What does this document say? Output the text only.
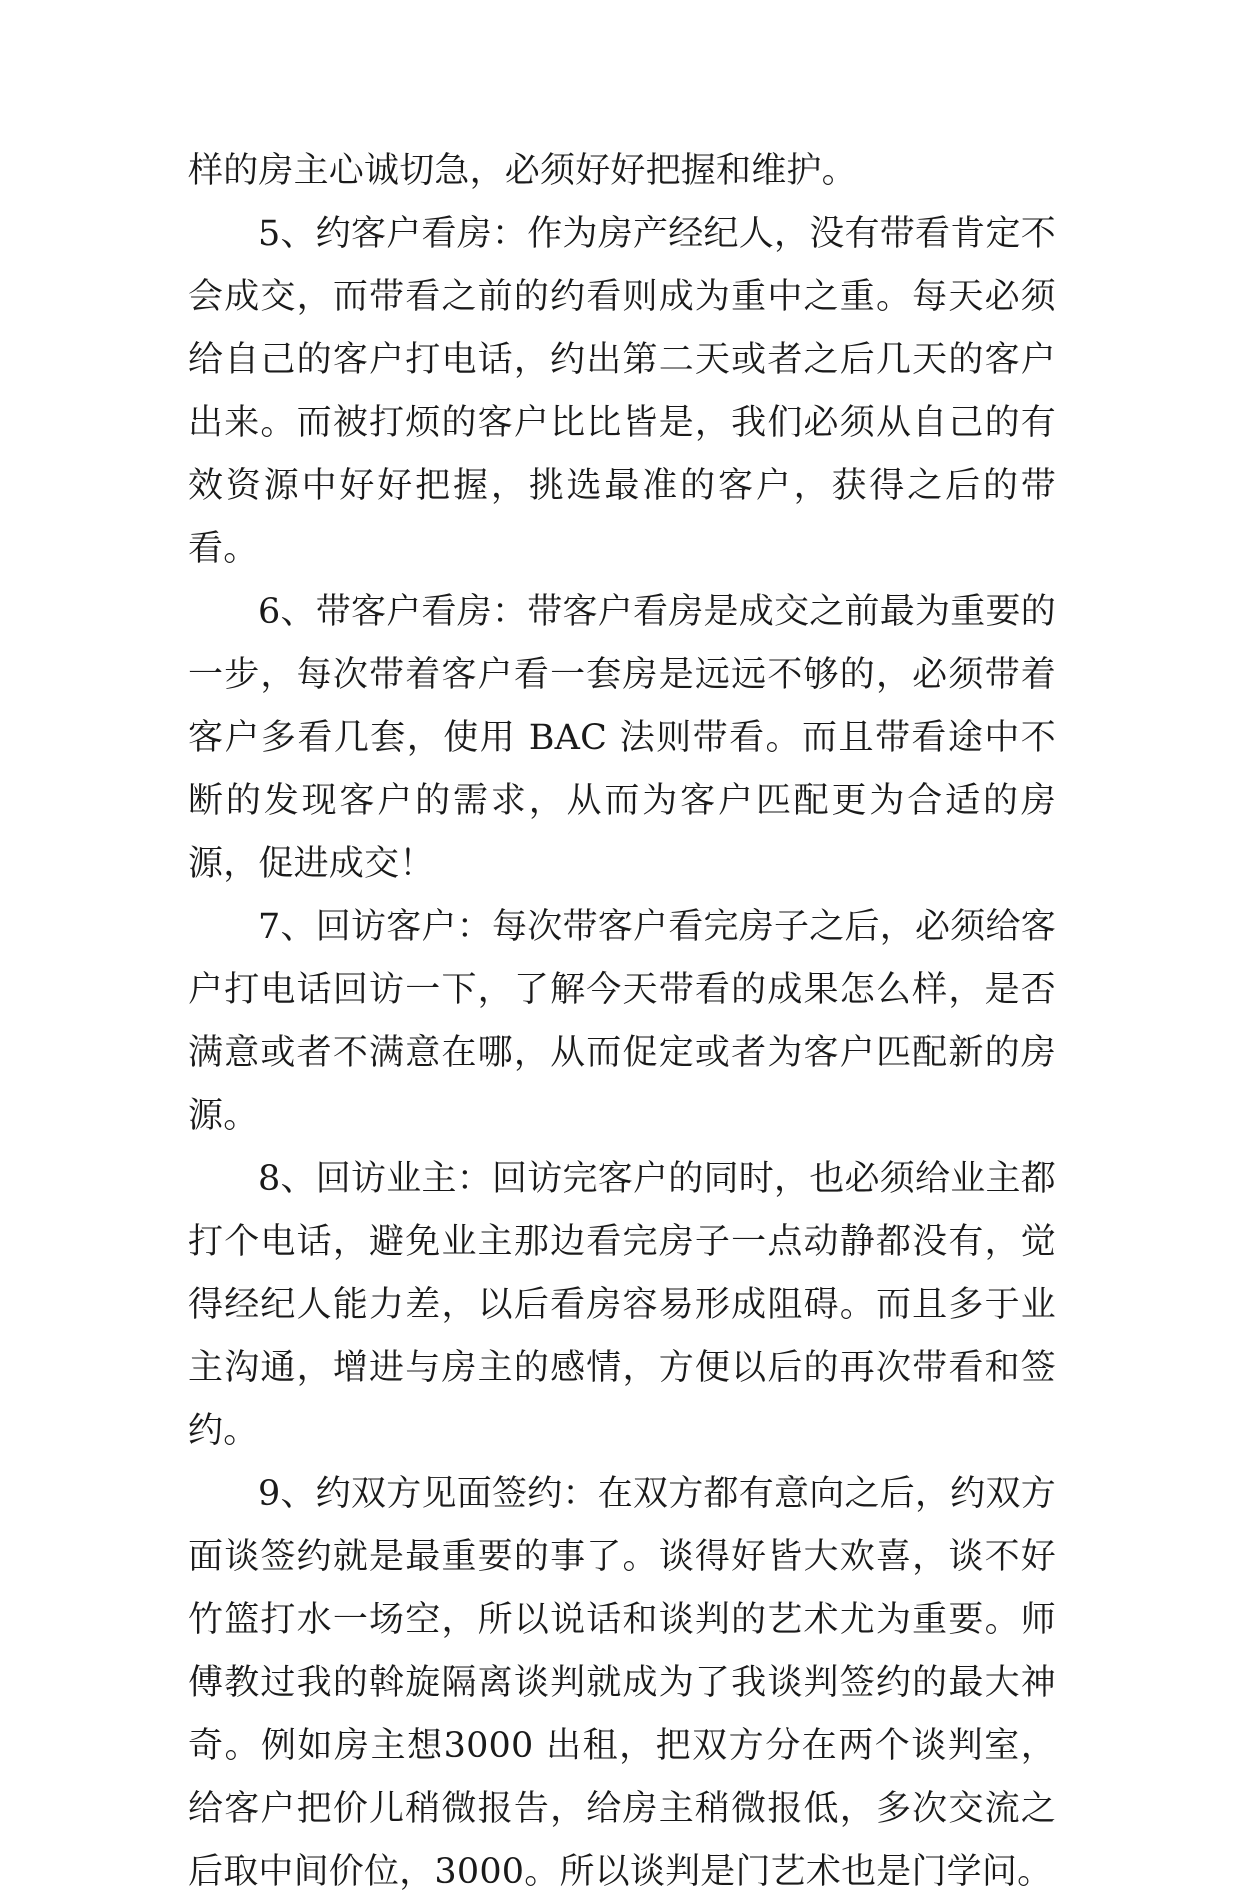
样的房主心诚切急，必须好好把握和维护。

5、约客户看房：作为房产经纪人，没有带看肯定不会成交，而带看之前的约看则成为重中之重。每天必须给自己的客户打电话，约出第二天或者之后几天的客户出来。而被打烦的客户比比皆是，我们必须从自己的有效资源中好好把握，挑选最准的客户，获得之后的带看。

6、带客户看房：带客户看房是成交之前最为重要的一步，每次带着客户看一套房是远远不够的，必须带着客户多看几套，使用 BAC 法则带看。而且带看途中不断的发现客户的需求，从而为客户匹配更为合适的房源，促进成交！

7、回访客户：每次带客户看完房子之后，必须给客户打电话回访一下，了解今天带看的成果怎么样，是否满意或者不满意在哪，从而促定或者为客户匹配新的房源。

8、回访业主：回访完客户的同时，也必须给业主都打个电话，避免业主那边看完房子一点动静都没有，觉得经纪人能力差，以后看房容易形成阻碍。而且多于业主沟通，增进与房主的感情，方便以后的再次带看和签约。

9、约双方见面签约：在双方都有意向之后，约双方面谈签约就是最重要的事了。谈得好皆大欢喜，谈不好竹篮打水一场空，所以说话和谈判的艺术尤为重要。师傅教过我的斡旋隔离谈判就成为了我谈判签约的最大神奇。例如房主想3000 出租，把双方分在两个谈判室，给客户把价儿稍微报告，给房主稍微报低，多次交流之后取中间价位，3000。所以谈判是门艺术也是门学问。
